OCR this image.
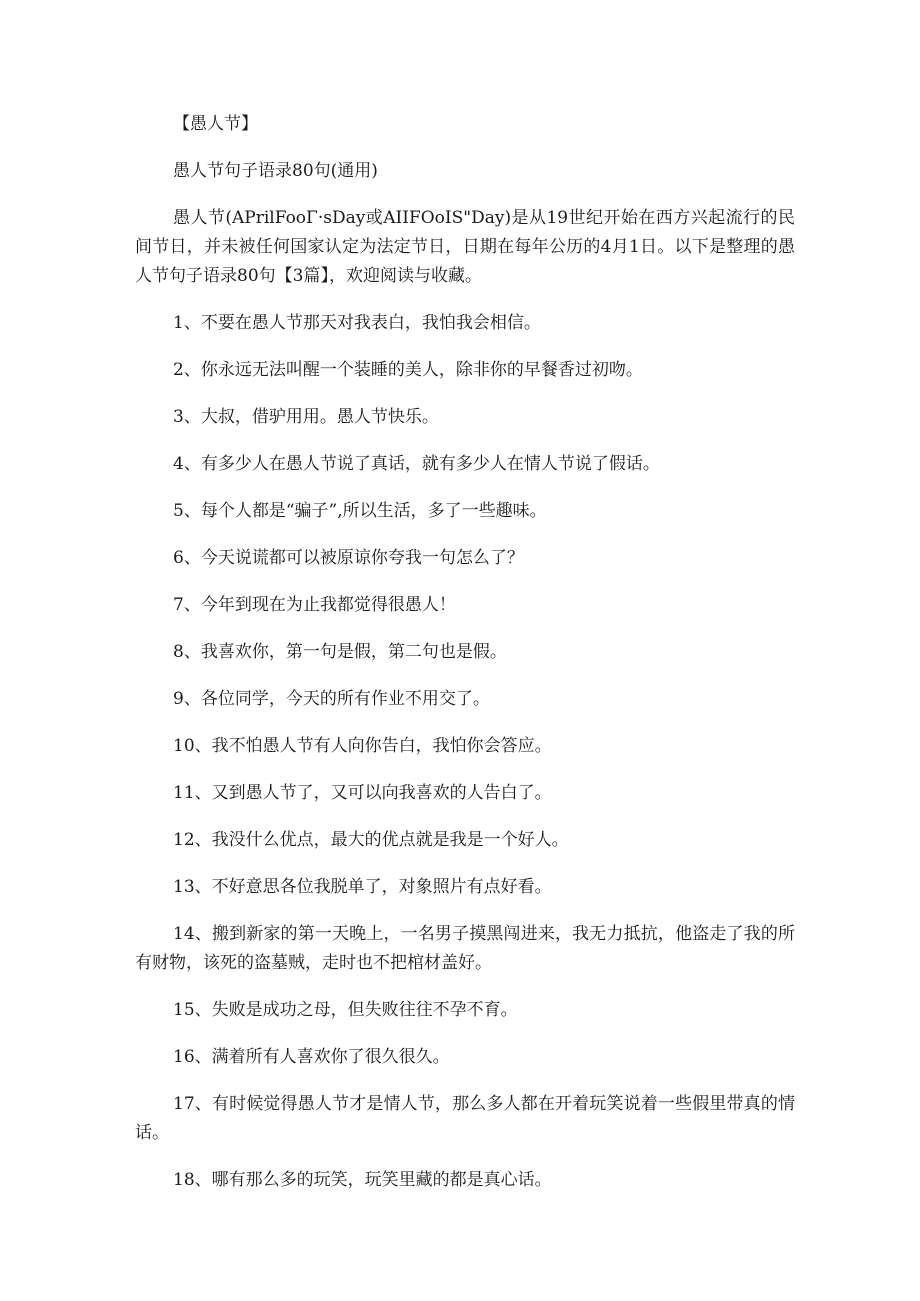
【愚人节】

愚人节句子语录80句(通用)

愚人节(APrilFooΓ·sDay或AIIFOoIS"Day)是从19世纪开始在西方兴起流行的民间节日，并未被任何国家认定为法定节日，日期在每年公历的4月1日。以下是整理的愚人节句子语录80句【3篇】，欢迎阅读与收藏。

1、不要在愚人节那天对我表白，我怕我会相信。

2、你永远无法叫醒一个装睡的美人，除非你的早餐香过初吻。

3、大叔，借驴用用。愚人节快乐。

4、有多少人在愚人节说了真话，就有多少人在情人节说了假话。

5、每个人都是“骗子”,所以生活，多了一些趣味。

6、今天说谎都可以被原谅你夸我一句怎么了？

7、今年到现在为止我都觉得很愚人！

8、我喜欢你，第一句是假，第二句也是假。

9、各位同学，今天的所有作业不用交了。

10、我不怕愚人节有人向你告白，我怕你会答应。

11、又到愚人节了，又可以向我喜欢的人告白了。

12、我没什么优点，最大的优点就是我是一个好人。

13、不好意思各位我脱单了，对象照片有点好看。

14、搬到新家的第一天晚上，一名男子摸黑闯进来，我无力抵抗，他盗走了我的所有财物，该死的盗墓贼，走时也不把棺材盖好。

15、失败是成功之母，但失败往往不孕不育。

16、满着所有人喜欢你了很久很久。

17、有时候觉得愚人节才是情人节，那么多人都在开着玩笑说着一些假里带真的情话。

18、哪有那么多的玩笑，玩笑里藏的都是真心话。
